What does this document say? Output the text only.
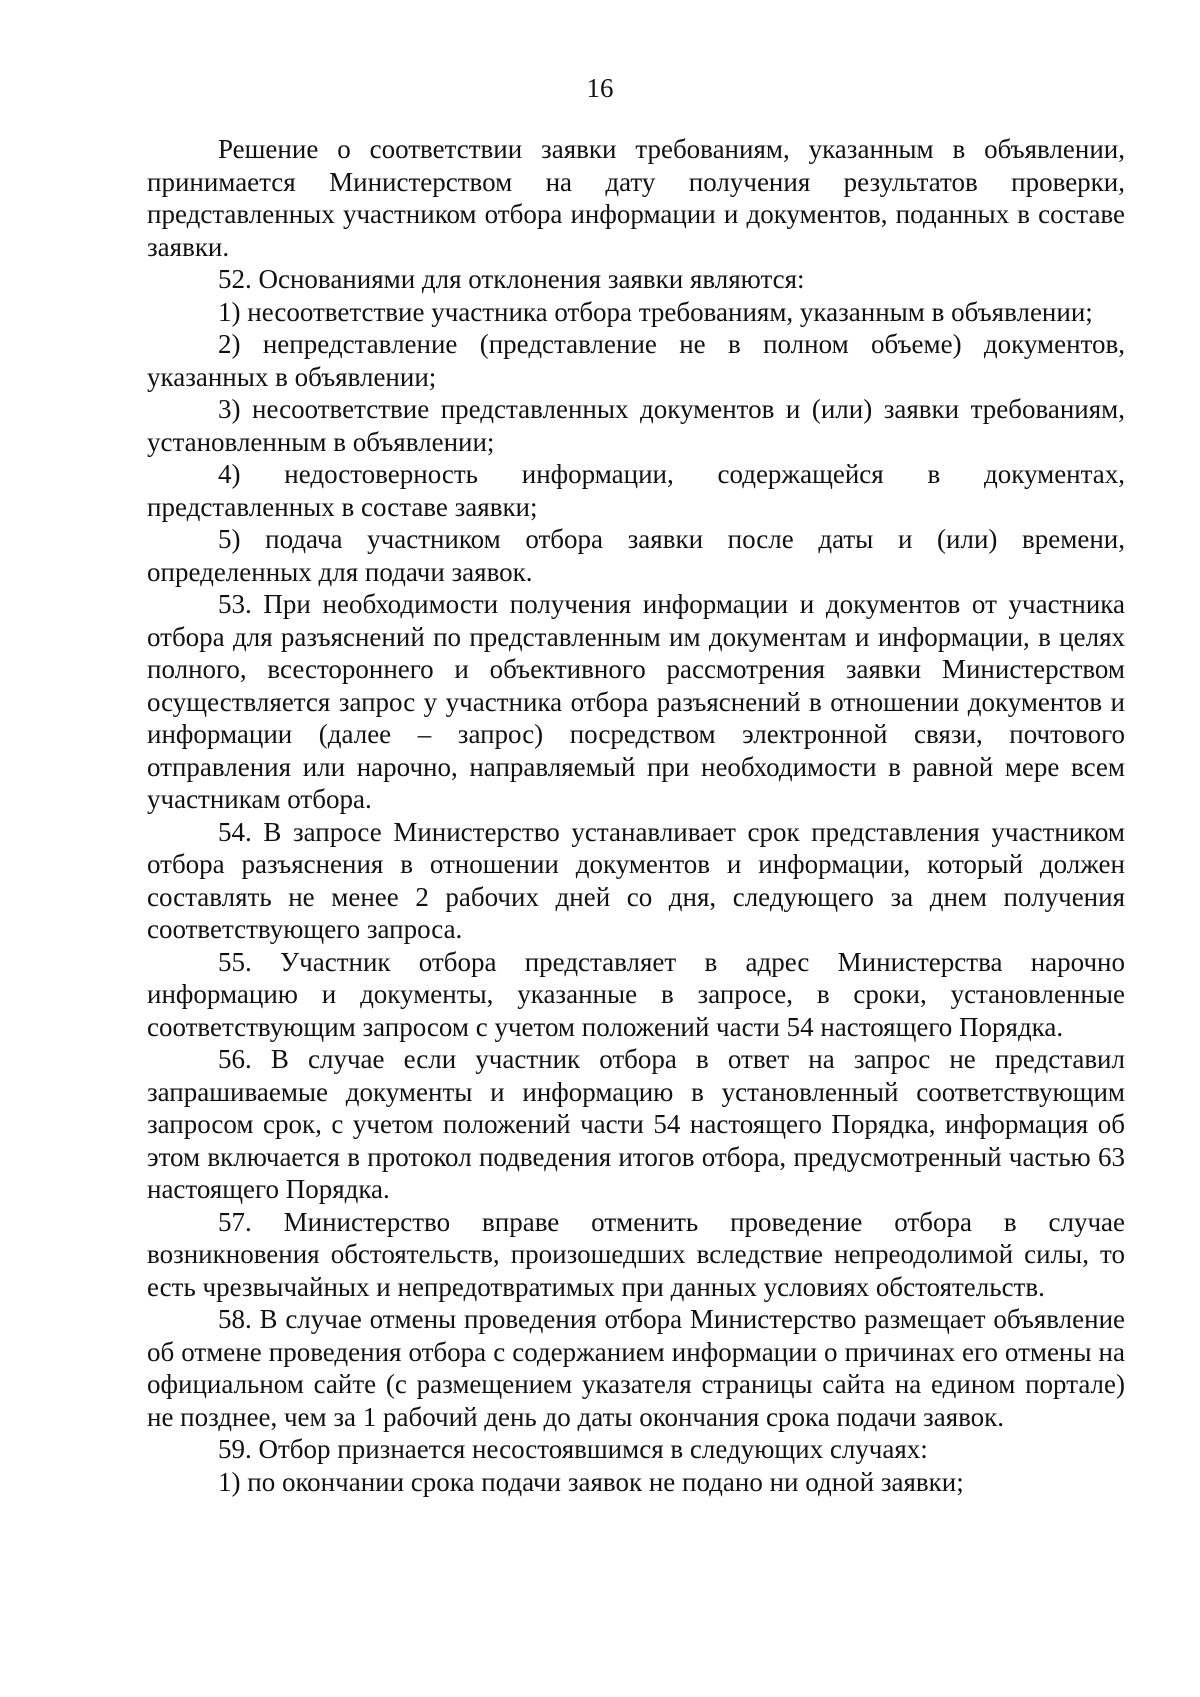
16

Решение о соответствии заявки требованиям, указанным в объявлении, принимается Министерством на дату получения результатов проверки, представленных участником отбора информации и документов, поданных в составе заявки.

52. Основаниями для отклонения заявки являются:

1) несоответствие участника отбора требованиям, указанным в объявлении;

2) непредставление (представление не в полном объеме) документов, указанных в объявлении;

3) несоответствие представленных документов и (или) заявки требованиям, установленным в объявлении;

4) недостоверность информации, содержащейся в документах, представленных в составе заявки;

5) подача участником отбора заявки после даты и (или) времени, определенных для подачи заявок.

53. При необходимости получения информации и документов от участника отбора для разъяснений по представленным им документам и информации, в целях полного, всестороннего и объективного рассмотрения заявки Министерством осуществляется запрос у участника отбора разъяснений в отношении документов и информации (далее – запрос) посредством электронной связи, почтового отправления или нарочно, направляемый при необходимости в равной мере всем участникам отбора.

54. В запросе Министерство устанавливает срок представления участником отбора разъяснения в отношении документов и информации, который должен составлять не менее 2 рабочих дней со дня, следующего за днем получения соответствующего запроса.

55. Участник отбора представляет в адрес Министерства нарочно информацию и документы, указанные в запросе, в сроки, установленные соответствующим запросом с учетом положений части 54 настоящего Порядка.

56. В случае если участник отбора в ответ на запрос не представил запрашиваемые документы и информацию в установленный соответствующим запросом срок, с учетом положений части 54 настоящего Порядка, информация об этом включается в протокол подведения итогов отбора, предусмотренный частью 63 настоящего Порядка.

57. Министерство вправе отменить проведение отбора в случае возникновения обстоятельств, произошедших вследствие непреодолимой силы, то есть чрезвычайных и непредотвратимых при данных условиях обстоятельств.

58. В случае отмены проведения отбора Министерство размещает объявление об отмене проведения отбора с содержанием информации о причинах его отмены на официальном сайте (с размещением указателя страницы сайта на едином портале) не позднее, чем за 1 рабочий день до даты окончания срока подачи заявок.

59. Отбор признается несостоявшимся в следующих случаях:

1) по окончании срока подачи заявок не подано ни одной заявки;
